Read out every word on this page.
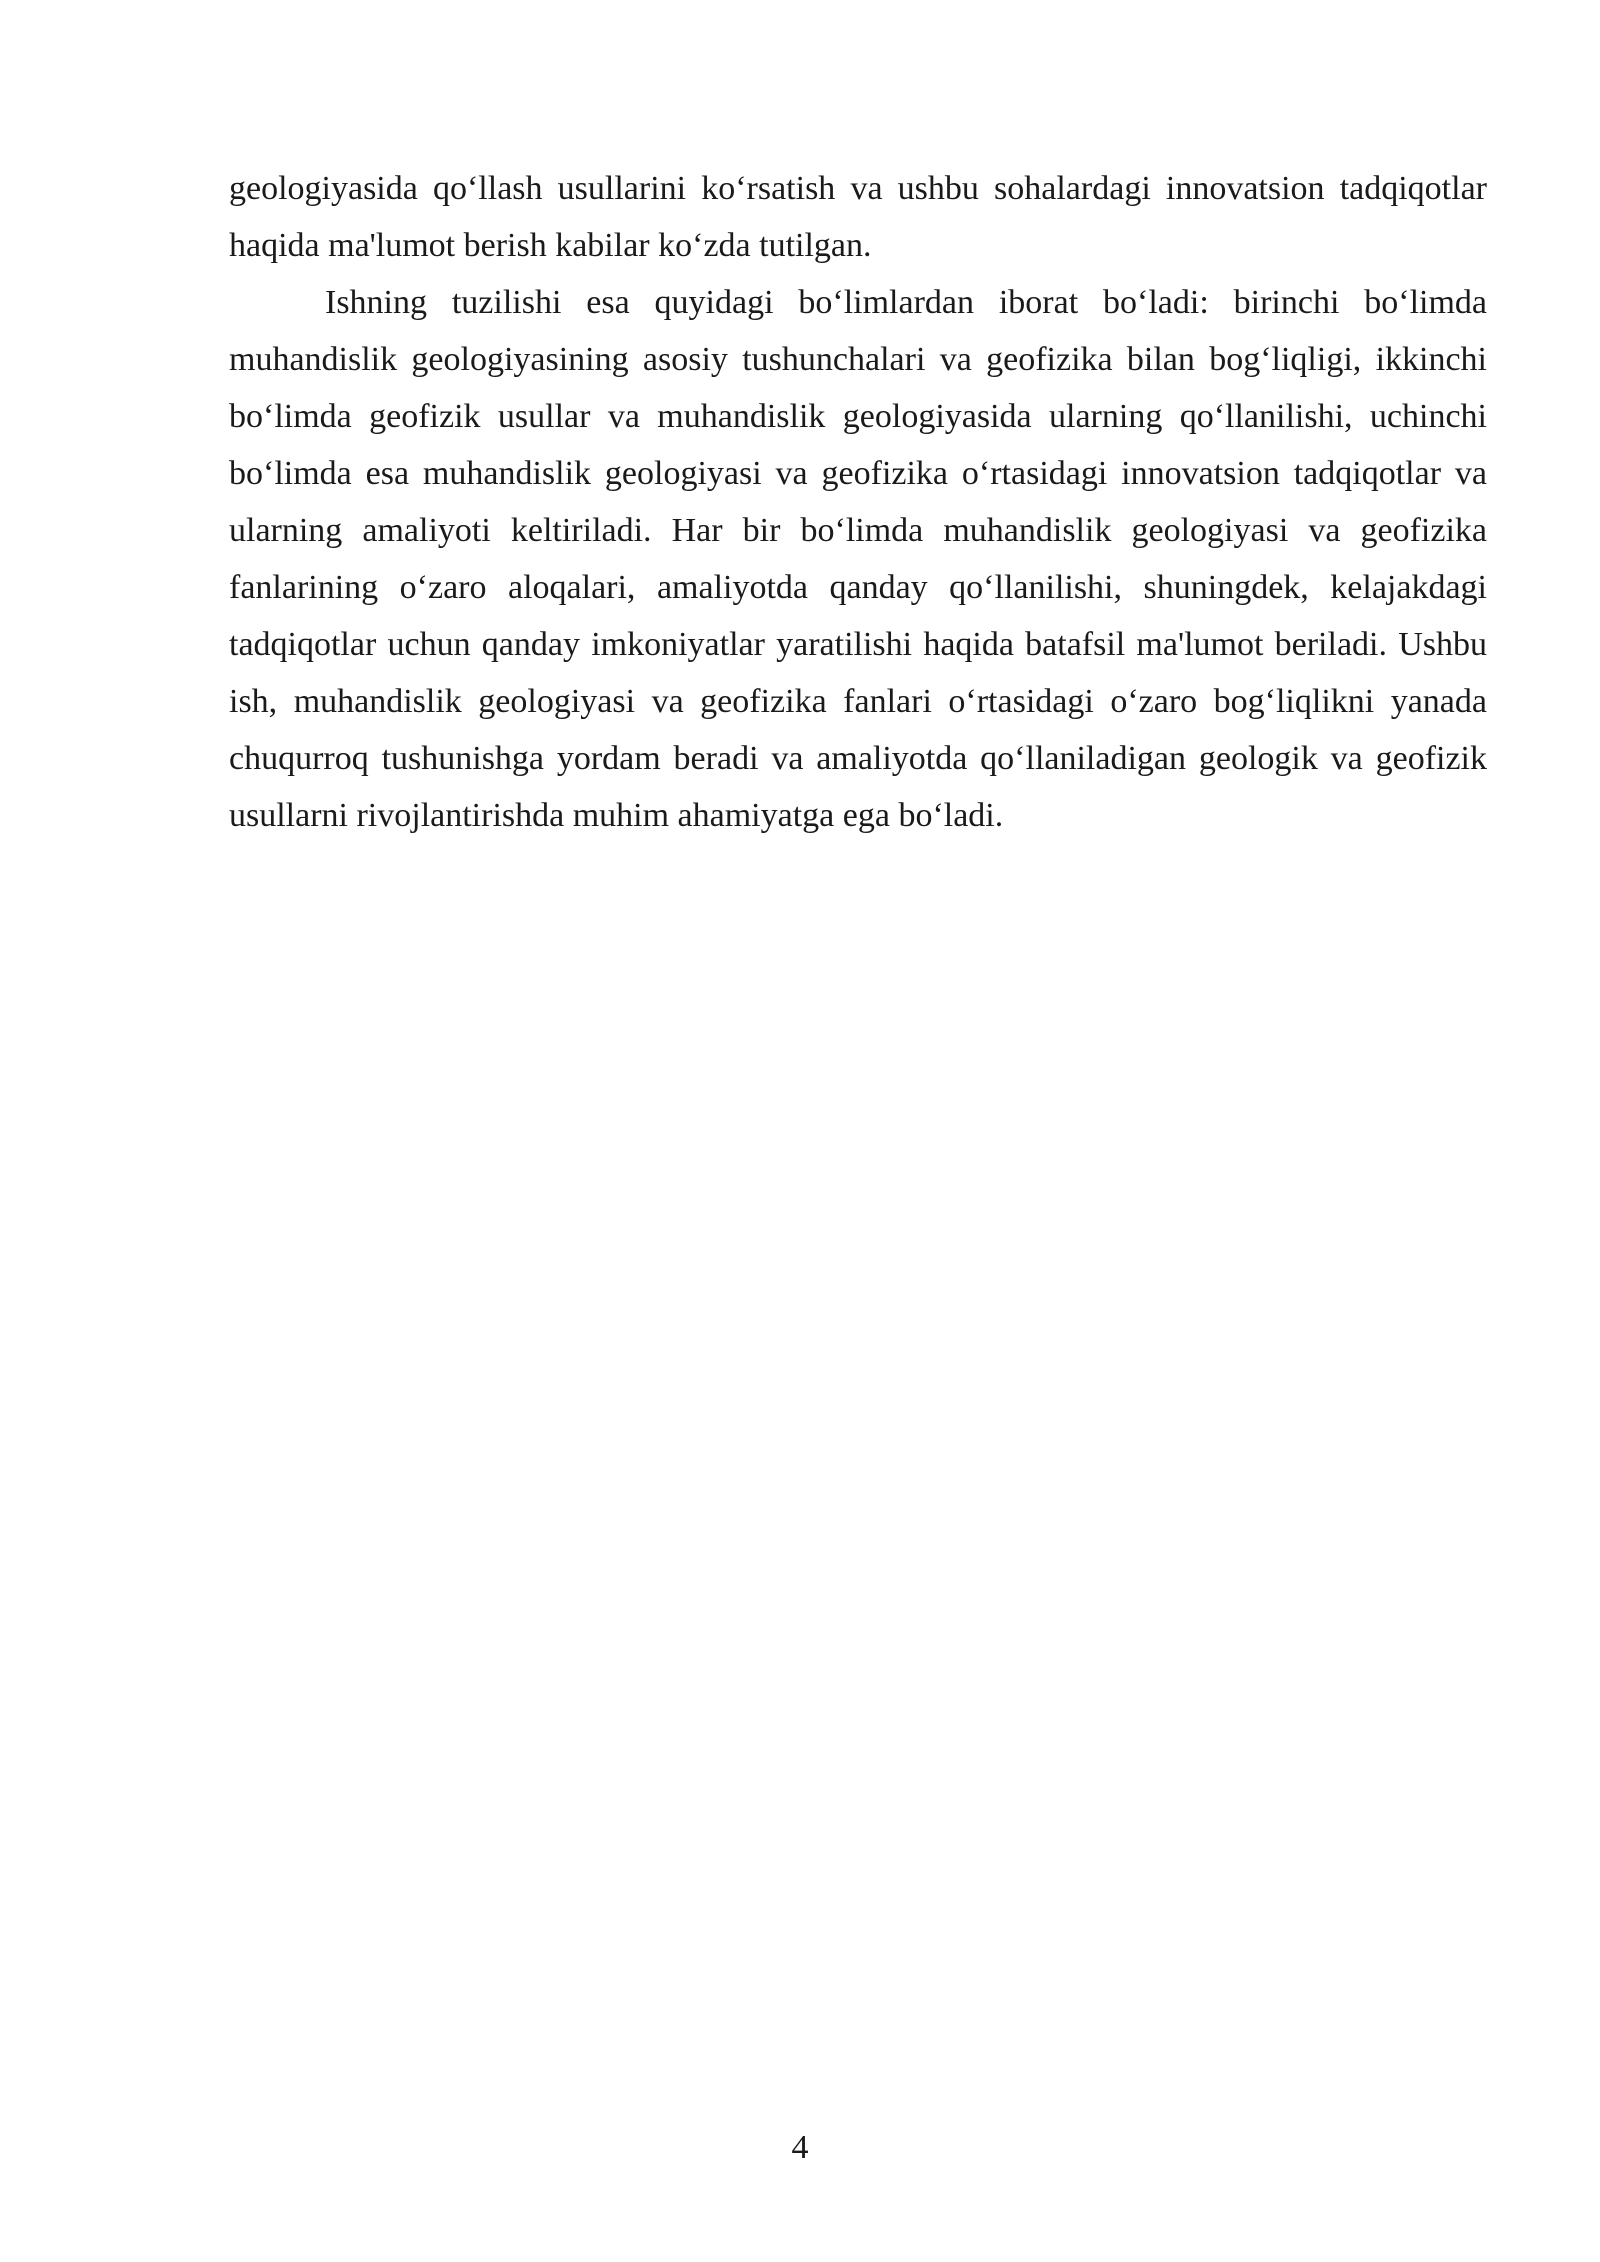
geologiyasida qo‘llash usullarini ko‘rsatish va ushbu sohalardagi innovatsion tadqiqotlar haqida ma'lumot berish kabilar ko‘zda tutilgan.

Ishning tuzilishi esa quyidagi bo‘limlardan iborat bo‘ladi: birinchi bo‘limda muhandislik geologiyasining asosiy tushunchalari va geofizika bilan bog‘liqligi, ikkinchi bo‘limda geofizik usullar va muhandislik geologiyasida ularning qo‘llanilishi, uchinchi bo‘limda esa muhandislik geologiyasi va geofizika o‘rtasidagi innovatsion tadqiqotlar va ularning amaliyoti keltiriladi. Har bir bo‘limda muhandislik geologiyasi va geofizika fanlarining o‘zaro aloqalari, amaliyotda qanday qo‘llanilishi, shuningdek, kelajakdagi tadqiqotlar uchun qanday imkoniyatlar yaratilishi haqida batafsil ma'lumot beriladi. Ushbu ish, muhandislik geologiyasi va geofizika fanlari o‘rtasidagi o‘zaro bog‘liqlikni yanada chuqurroq tushunishga yordam beradi va amaliyotda qo‘llaniladigan geologik va geofizik usullarni rivojlantirishda muhim ahamiyatga ega bo‘ladi.

4
